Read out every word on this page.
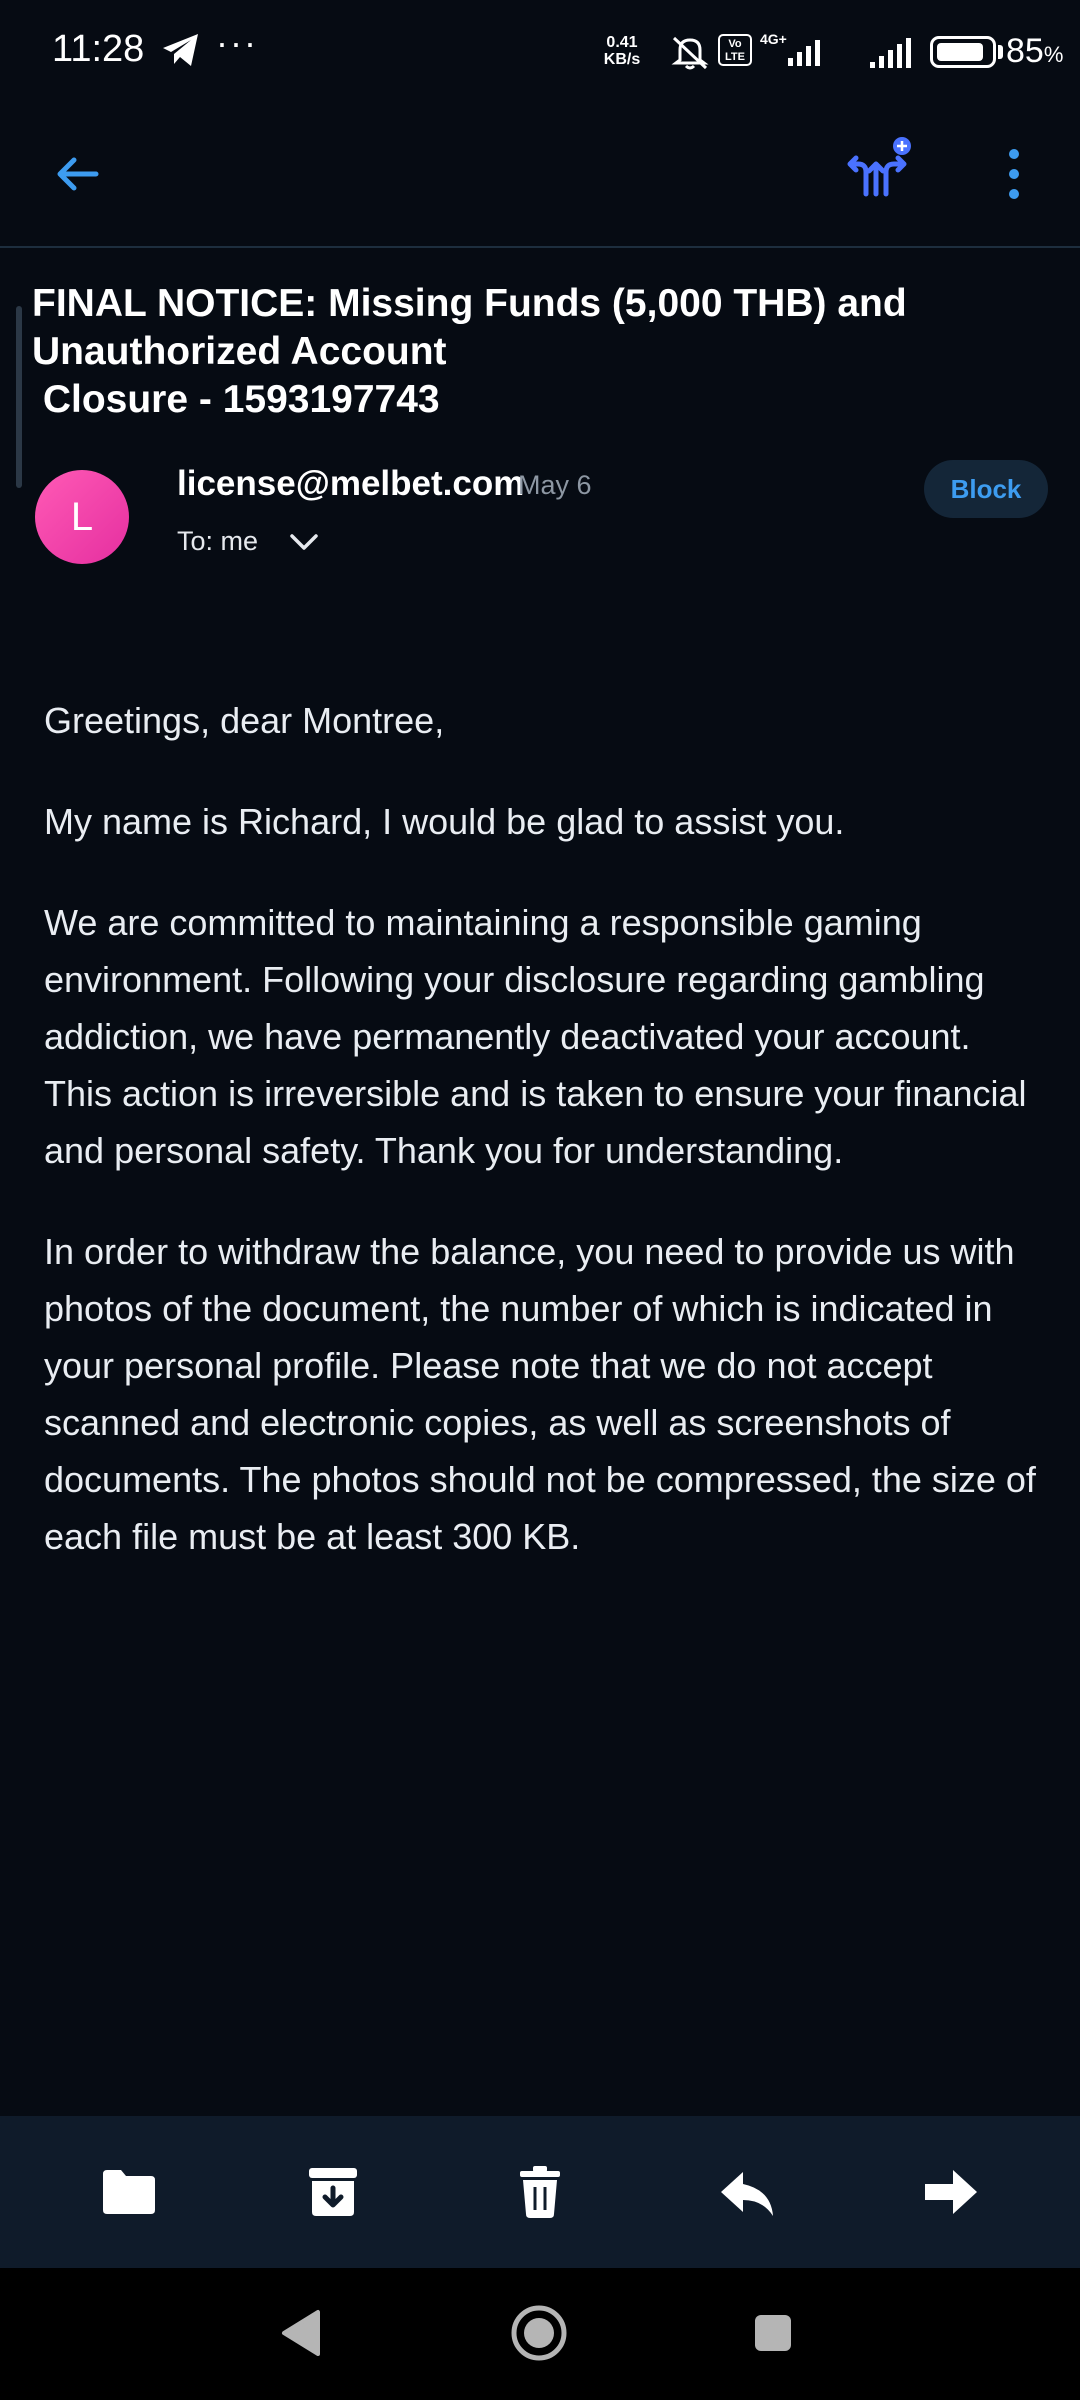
11:28 ···	0.41
KB/s
Vo
LTE
4G+	85%
FINAL NOTICE: Missing Funds (5,000 THB) and
Unauthorized Account
Closure - 1593197743
L
license@melbet.com
May 6
To: me
Block

Greetings, dear Montree,

My name is Richard, I would be glad to assist you.

We are committed to maintaining a responsible gaming environment. Following your disclosure regarding gambling addiction, we have permanently deactivated your account. This action is irreversible and is taken to ensure your financial and personal safety. Thank you for understanding.

In order to withdraw the balance, you need to provide us with photos of the document, the number of which is indicated in your personal profile. Please note that we do not accept scanned and electronic copies, as well as screenshots of documents. The photos should not be compressed, the size of each file must be at least 300 KB.
